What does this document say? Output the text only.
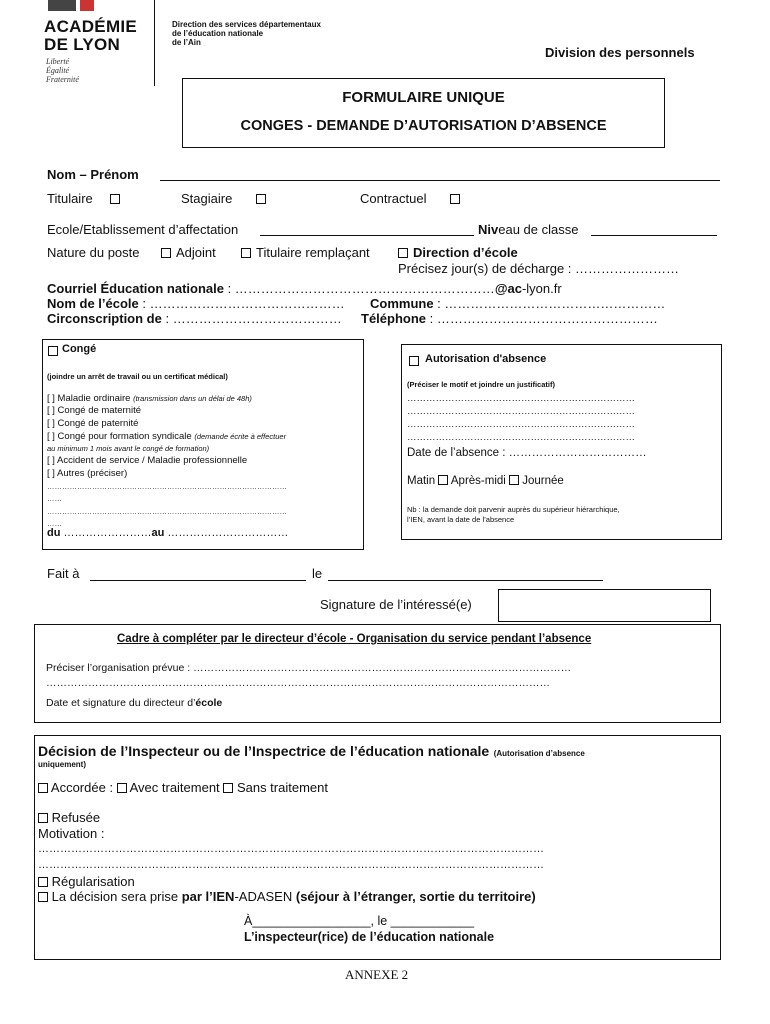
ACADÉMIE
DE LYON
Liberté
Égalité
Fraternité
Direction des services départementaux
de l’éducation nationale
de l’Ain
Division des personnels
FORMULAIRE UNIQUE
CONGES - DEMANDE D’AUTORISATION D’ABSENCE
Nom – Prénom
Titulaire	Stagiaire	Contractuel
Ecole/Etablissement d’affectation	Niveau de classe
Nature du poste	Adjoint	Titulaire remplaçant	Direction d’école
Précisez jour(s) de décharge : ……………………
Courriel Éducation nationale : ……………………………………………………@ac-lyon.fr
Nom de l’école : ……………………………………… Commune : ……………………………………………
Circonscription de : ………………………………… Téléphone : ……………………………………………
Congé
(joindre un arrêt de travail ou un certificat médical)
[ ] Maladie ordinaire (transmission dans un délai de 48h)
[ ] Congé de maternité
[ ] Congé de paternité
[ ] Congé pour formation syndicale (demande écrite à effectuer
au minimum 1 mois avant le congé de formation)
[ ] Accident de service / Maladie professionnelle
[ ] Autres (préciser)
……………………………………………………………………………………
……
……………………………………………………………………………………
……
du ……………………au ……………………………
Autorisation d'absence
(Préciser le motif et joindre un justificatif)
………………………………………………………………
………………………………………………………………
………………………………………………………………
………………………………………………………………
Date de l’absence : ………………………………
Matin Après-midi Journée
Nb : la demande doit parvenir auprès du supérieur hiérarchique,
l’IEN, avant la date de l’absence
Fait à	le
Signature de l’intéressé(e)
Cadre à compléter par le directeur d’école - Organisation du service pendant l’absence
Préciser l’organisation prévue : ………………………………………………………………………………………………
………………………………………………………………………………………………………………………………
Date et signature du directeur d’école
Décision de l’Inspecteur ou de l’Inspectrice de l’éducation nationale (Autorisation d’absence
uniquement)
Accordée : Avec traitement Sans traitement
Refusée
Motivation :
…………………………………………………………………………………………………………………………
…………………………………………………………………………………………………………………………
Régularisation
La décision sera prise par l’IEN-ADASEN (séjour à l’étranger, sortie du territoire)
À_________________, le ____________
L’inspecteur(rice) de l’éducation nationale
ANNEXE 2
